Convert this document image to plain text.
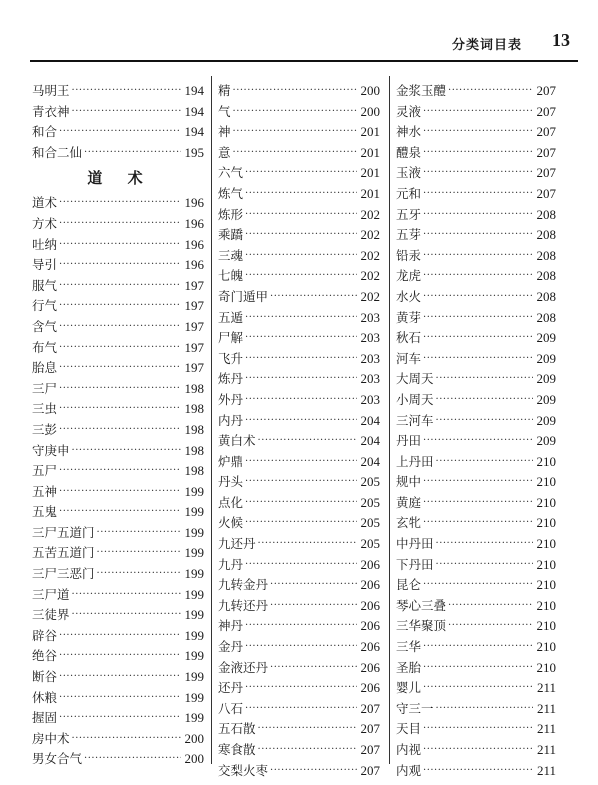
分类词目表 13
马明王 ·····	194
青衣神 ·····	194
和合 ·····	194
和合二仙 ·····	195
道 术
道术 ·····	196
方术 ·····	196
吐纳 ·····	196
导引 ·····	196
服气 ·····	197
行气 ·····	197
含气 ·····	197
布气 ·····	197
胎息 ·····	197
三尸 ·····	198
三虫 ·····	198
三彭 ·····	198
守庚申 ·····	198
五尸 ·····	198
五神 ·····	199
五鬼 ·····	199
三尸五道门 ·····	199
五苦五道门 ·····	199
三尸三恶门 ·····	199
三尸道 ·····	199
三徒界 ·····	199
辟谷 ·····	199
绝谷 ·····	199
断谷 ·····	199
休粮 ·····	199
握固 ·····	199
房中术 ·····	200
男女合气 ·····	200
精 ·····	200
气 ·····	200
神 ·····	201
意 ·····	201
六气 ·····	201
炼气 ·····	201
炼形 ·····	202
乘蹻 ·····	202
三魂 ·····	202
七魄 ·····	202
奇门遁甲 ·····	202
五遁 ·····	203
尸解 ·····	203
飞升 ·····	203
炼丹 ·····	203
外丹 ·····	203
内丹 ·····	204
黄白术 ·····	204
炉鼎 ·····	204
丹头 ·····	205
点化 ·····	205
火候 ·····	205
九还丹 ·····	205
九丹 ·····	206
九转金丹 ·····	206
九转还丹 ·····	206
神丹 ·····	206
金丹 ·····	206
金液还丹 ·····	206
还丹 ·····	206
八石 ·····	207
五石散 ·····	207
寒食散 ·····	207
交梨火枣 ·····	207
金浆玉醴 ·····	207
灵液 ·····	207
神水 ·····	207
醴泉 ·····	207
玉液 ·····	207
元和 ·····	207
五牙 ·····	208
五芽 ·····	208
铅汞 ·····	208
龙虎 ·····	208
水火 ·····	208
黄芽 ·····	208
秋石 ·····	209
河车 ·····	209
大周天 ·····	209
小周天 ·····	209
三河车 ·····	209
丹田 ·····	209
上丹田 ·····	210
规中 ·····	210
黄庭 ·····	210
玄牝 ·····	210
中丹田 ·····	210
下丹田 ·····	210
昆仑 ·····	210
琴心三叠 ·····	210
三华聚顶 ·····	210
三华 ·····	210
圣胎 ·····	210
婴儿 ·····	211
守三一 ·····	211
天目 ·····	211
内视 ·····	211
内观 ·····	211
